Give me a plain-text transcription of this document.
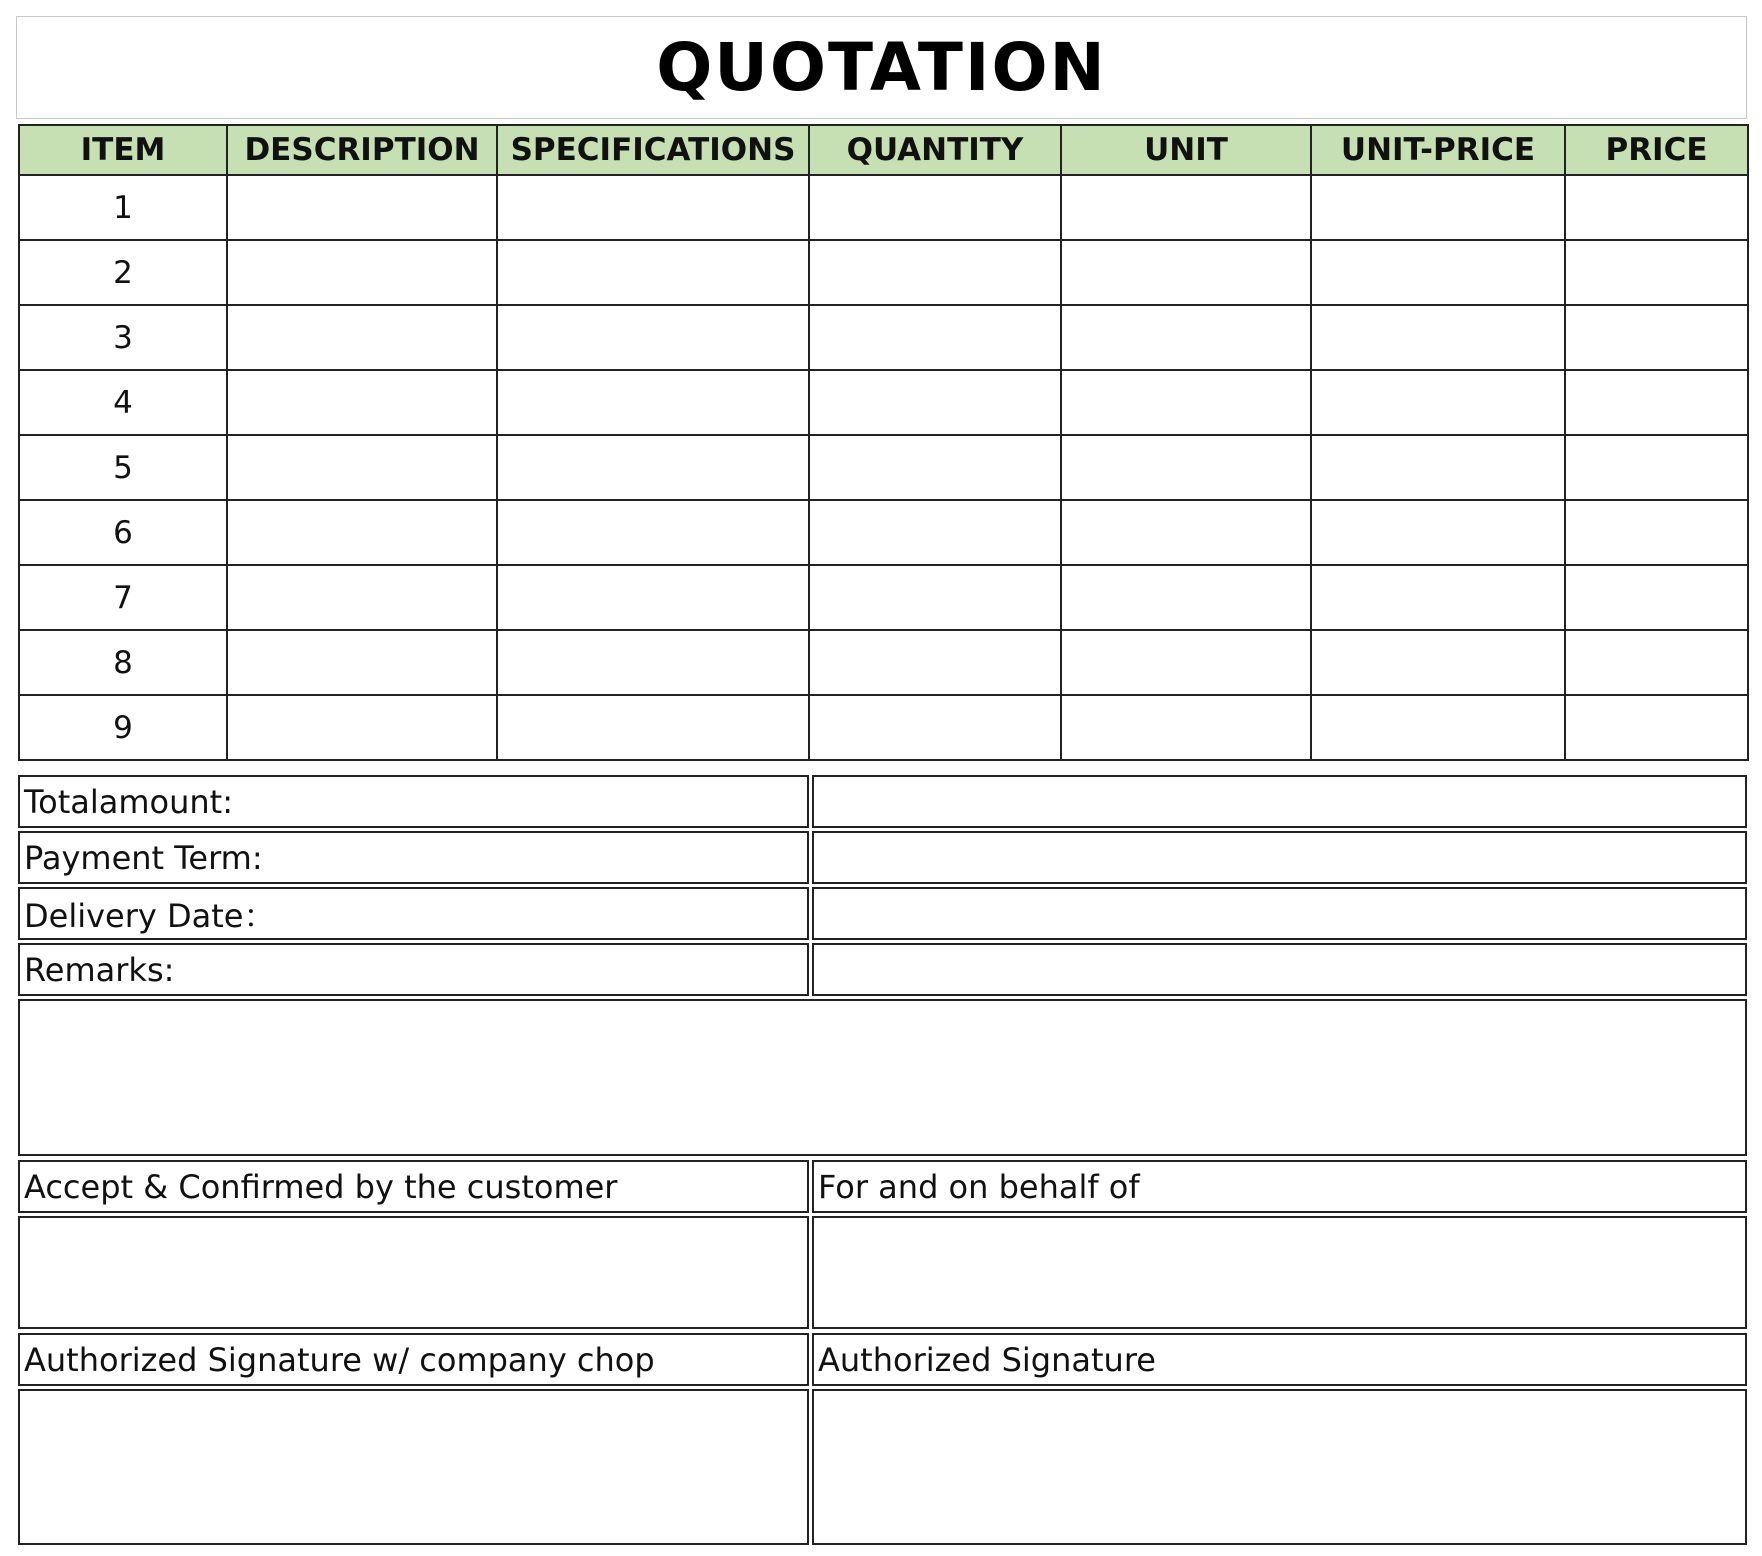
QUOTATION
ITEM	DESCRIPTION	SPECIFICATIONS	QUANTITY	UNIT	UNIT-PRICE	PRICE
1						
2						
3						
4						
5						
6						
7						
8						
9						
Totalamount:
Payment Term:
Delivery Date：
Remarks:
Accept & Confirmed by the customer	For and on behalf of
Authorized Signature w/ company chop	Authorized Signature
